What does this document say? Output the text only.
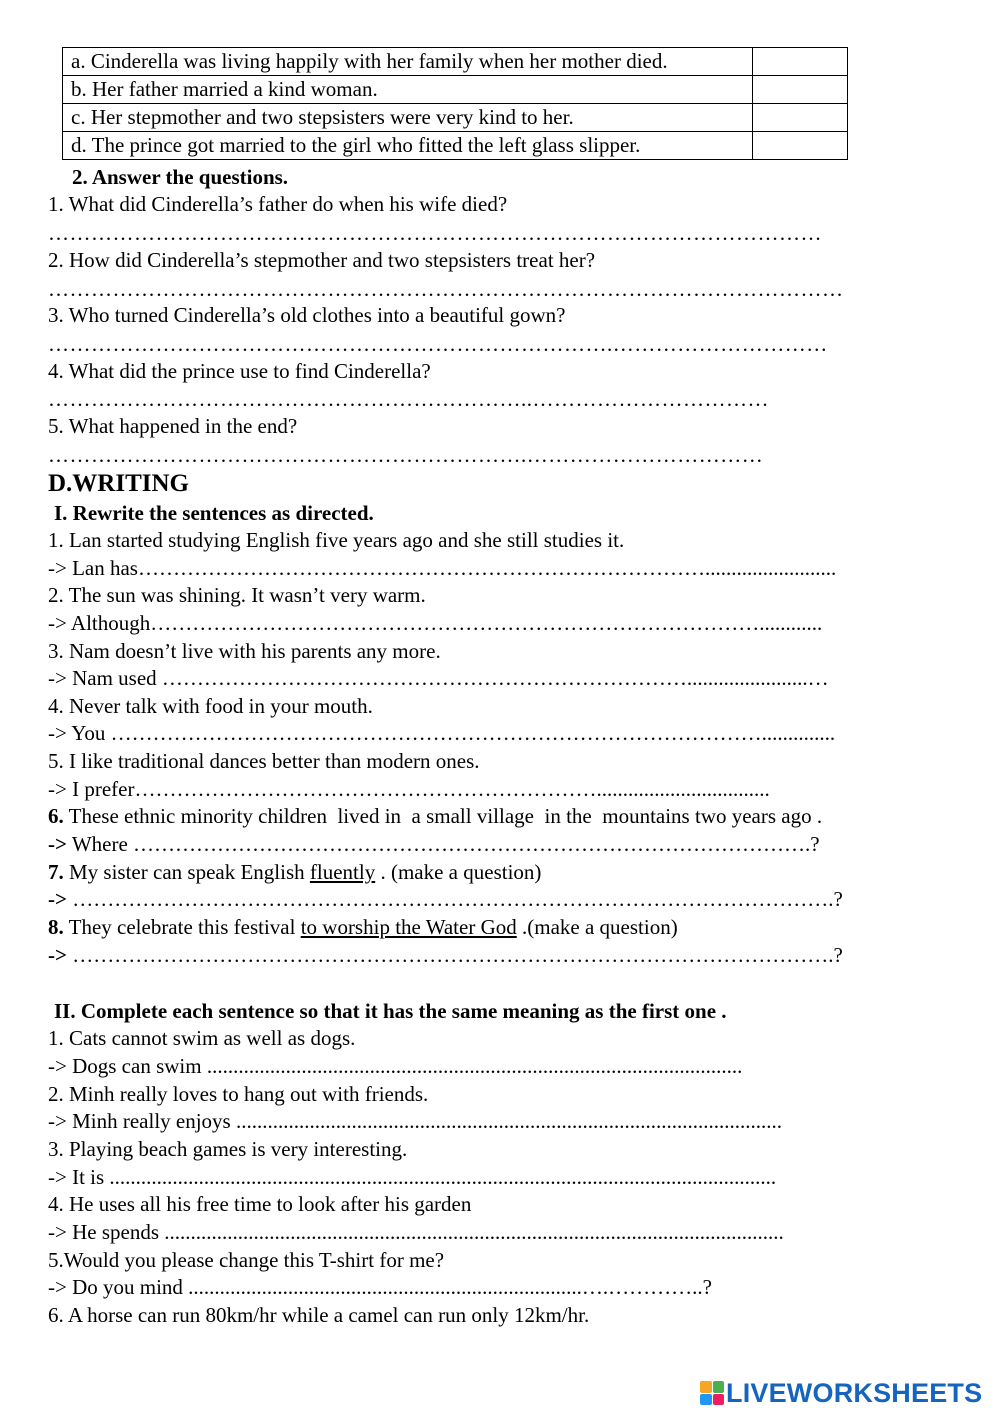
a. Cinderella was living happily with her family when her mother died.	
b. Her father married a kind woman.	
c. Her stepmother and two stepsisters were very kind to her.	
d. The prince got married to the girl who fitted the left glass slipper.	
2. Answer the questions.
1. What did Cinderella’s father do when his wife died?
………………………………………………………………………………………………
2. How did Cinderella’s stepmother and two stepsisters treat her?
…………………………………………………………………………………………………
3. Who turned Cinderella’s old clothes into a beautiful gown?
…………………………………………………………………….…………………………
4. What did the prince use to find Cinderella?
…………………………………………………………..……………………………
5. What happened in the end?
………………………………………………………….……………………………
D.WRITING
I. Rewrite the sentences as directed.
1. Lan started studying English five years ago and she still studies it.
-> Lan has……………………………………………………………………….........................
2. The sun was shining. It wasn’t very warm.
-> Although……………………………………………………………………………............
3. Nam doesn’t live with his parents any more.
-> Nam used ………………………………………………………………….......................…
4. Never talk with food in your mouth.
-> You …………………………………………………………………………………..............
5. I like traditional dances better than modern ones.
-> I prefer………………………………………………………….................................
6. These ethnic minority children  lived in  a small village  in the  mountains two years ago .
-> Where …………………………………………………………………………………….?
7. My sister can speak English fluently . (make a question)
-> ……………………………………………………………………………………………….?
8. They celebrate this festival to worship the Water God .(make a question)
-> ……………………………………………………………………………………………….?
II. Complete each sentence so that it has the same meaning as the first one .
1. Cats cannot swim as well as dogs.
-> Dogs can swim ......................................................................................................
2. Minh really loves to hang out with friends.
-> Minh really enjoys ........................................................................................................
3. Playing beach games is very interesting.
-> It is ...............................................................................................................................
4. He uses all his free time to look after his garden
-> He spends ......................................................................................................................
5.Would you please change this T-shirt for me?
-> Do you mind ...........................................................................….…………..?
6. A horse can run 80km/hr while a camel can run only 12km/hr.
LIVEWORKSHEETS
